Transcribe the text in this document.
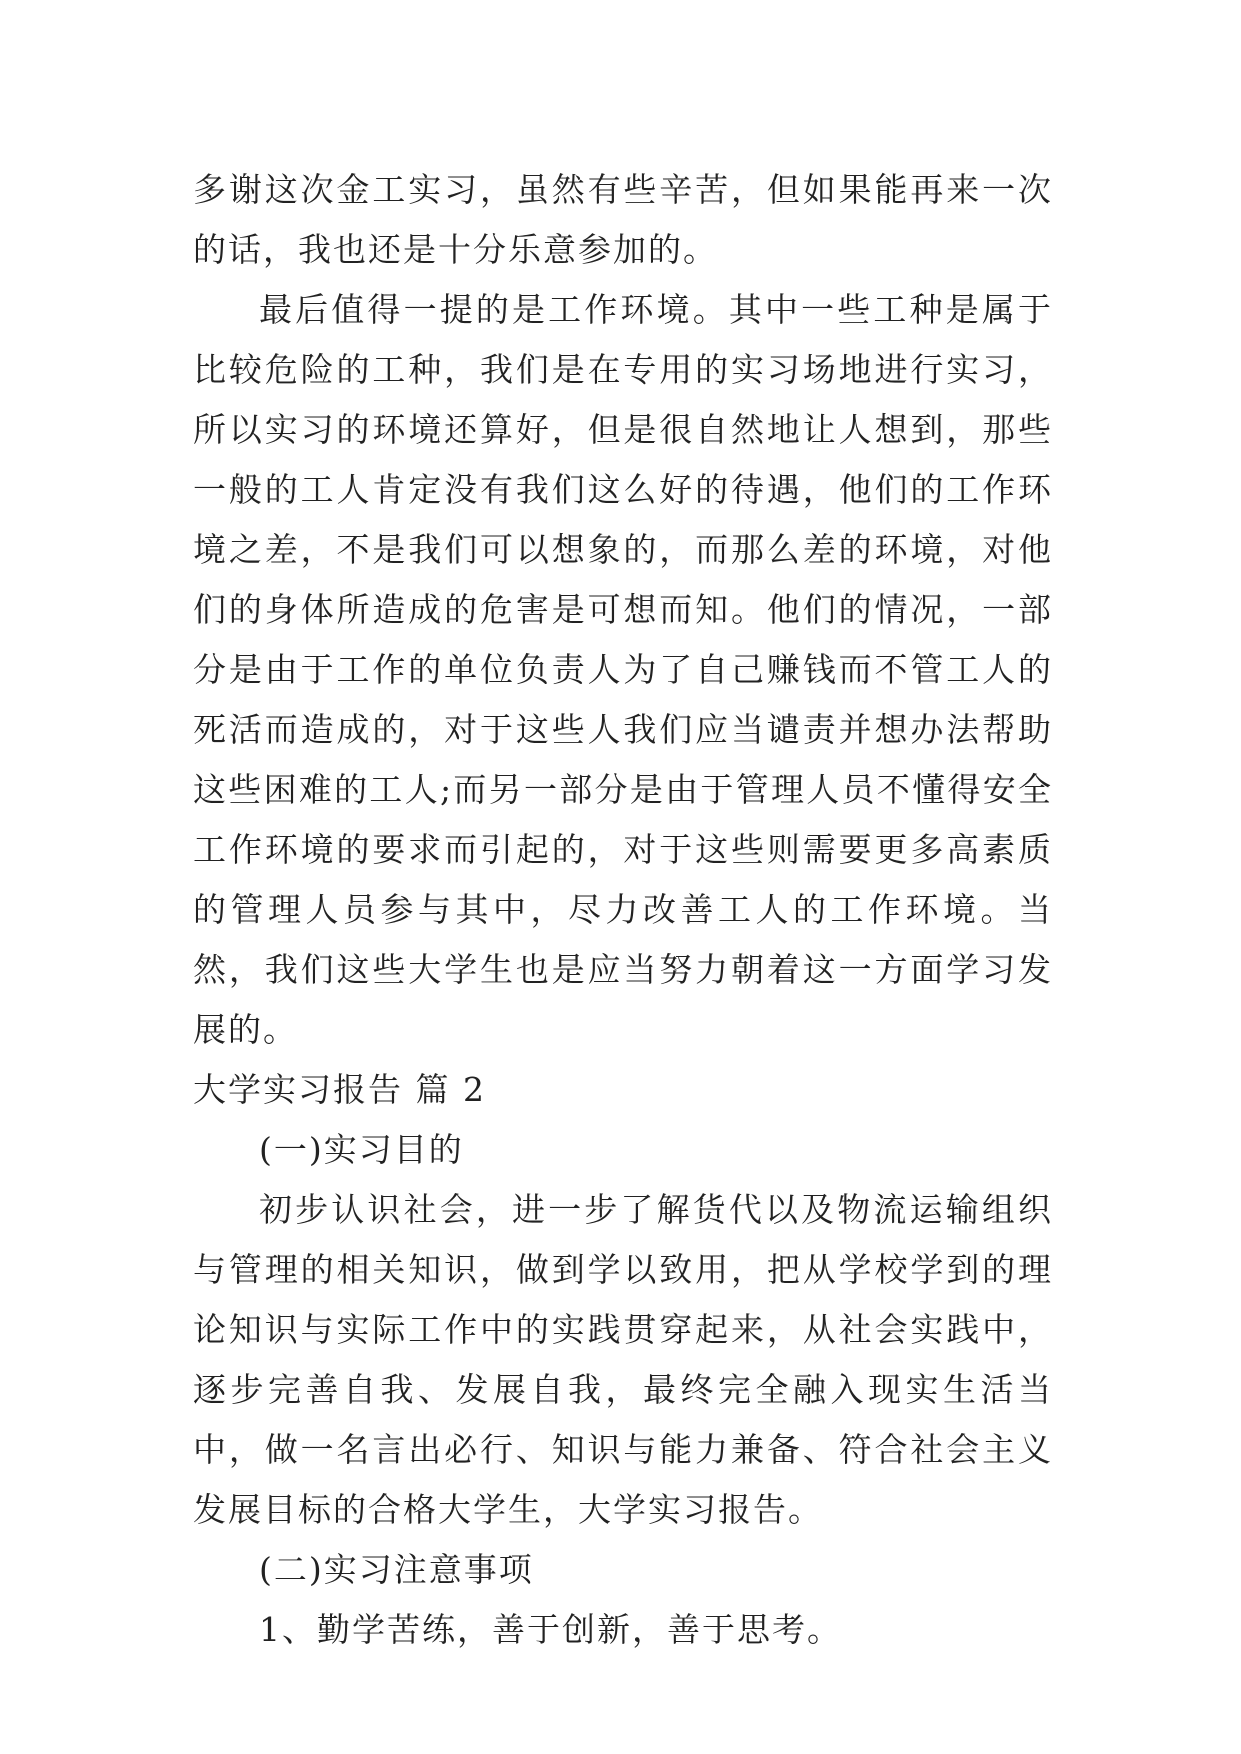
多谢这次金工实习，虽然有些辛苦，但如果能再来一次的话，我也还是十分乐意参加的。

最后值得一提的是工作环境。其中一些工种是属于比较危险的工种，我们是在专用的实习场地进行实习，所以实习的环境还算好，但是很自然地让人想到，那些一般的工人肯定没有我们这么好的待遇，他们的工作环境之差，不是我们可以想象的，而那么差的环境，对他们的身体所造成的危害是可想而知。他们的情况，一部分是由于工作的单位负责人为了自己赚钱而不管工人的死活而造成的，对于这些人我们应当谴责并想办法帮助这些困难的工人;而另一部分是由于管理人员不懂得安全工作环境的要求而引起的，对于这些则需要更多高素质的管理人员参与其中，尽力改善工人的工作环境。当然，我们这些大学生也是应当努力朝着这一方面学习发展的。

大学实习报告 篇 2

(一)实习目的

初步认识社会，进一步了解货代以及物流运输组织与管理的相关知识，做到学以致用，把从学校学到的理论知识与实际工作中的实践贯穿起来，从社会实践中，逐步完善自我、发展自我，最终完全融入现实生活当中，做一名言出必行、知识与能力兼备、符合社会主义发展目标的合格大学生，大学实习报告。

(二)实习注意事项

1、勤学苦练，善于创新，善于思考。
